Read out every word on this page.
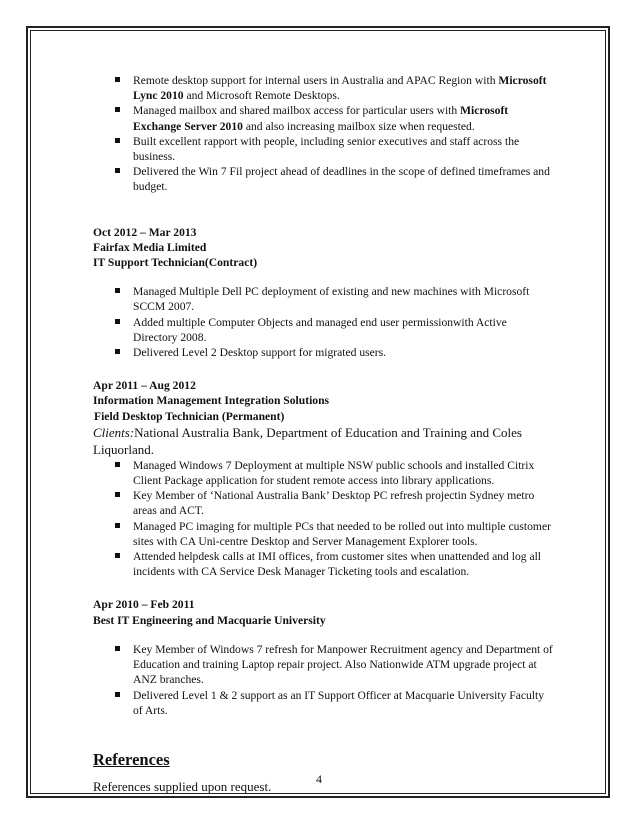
Remote desktop support for internal users in Australia and APAC Region with Microsoft Lync 2010 and Microsoft Remote Desktops.
Managed mailbox and shared mailbox access for particular users with Microsoft Exchange Server 2010 and also increasing mailbox size when requested.
Built excellent rapport with people, including senior executives and staff across the business.
Delivered the Win 7 Fil project ahead of deadlines in the scope of defined timeframes and budget.

Oct 2012 – Mar 2013

Fairfax Media Limited

IT Support Technician(Contract)

Managed Multiple Dell PC deployment of existing and new machines with Microsoft SCCM 2007.
Added multiple Computer Objects and managed end user permissionwith Active Directory 2008.
Delivered Level 2 Desktop support for migrated users.

Apr 2011 – Aug 2012

Information Management Integration Solutions

Field Desktop Technician (Permanent)

Clients:National Australia Bank, Department of Education and Training and Coles Liquorland.

Managed Windows 7 Deployment at multiple NSW public schools and installed Citrix Client Package application for student remote access into library applications.
Key Member of ‘National Australia Bank’ Desktop PC refresh projectin Sydney metro areas and ACT.
Managed PC imaging for multiple PCs that needed to be rolled out into multiple customer sites with CA Uni-centre Desktop and Server Management Explorer tools.
Attended helpdesk calls at IMI offices, from customer sites when unattended and log all incidents with CA Service Desk Manager Ticketing tools and escalation.

Apr 2010 – Feb 2011

Best IT Engineering and Macquarie University

Key Member of Windows 7 refresh for Manpower Recruitment agency and Department of Education and training Laptop repair project. Also Nationwide ATM upgrade project at ANZ branches.
Delivered Level 1 & 2 support as an IT Support Officer at Macquarie University Faculty of Arts.
References
References supplied upon request.
4
